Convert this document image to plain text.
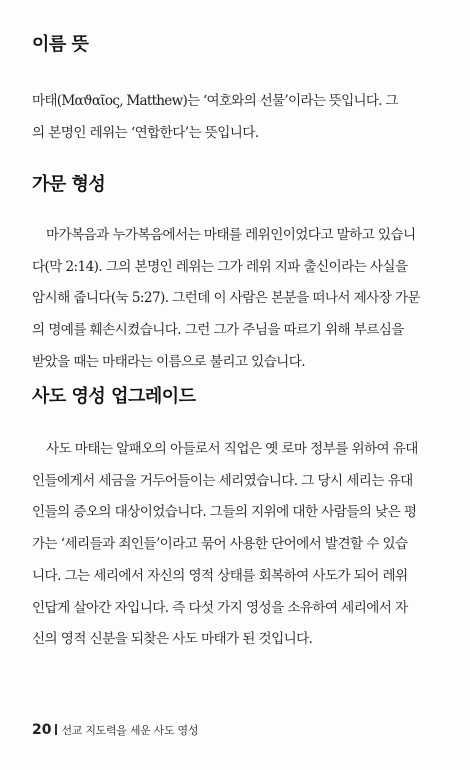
이름 뜻

마태(Μαϑαῖος, Matthew)는 ‘여호와의 선물’이라는 뜻입니다. 그
의 본명인 레위는 ‘연합한다’는 뜻입니다.

가문 형성

마가복음과 누가복음에서는 마태를 레위인이었다고 말하고 있습니
다(막 2:14). 그의 본명인 레위는 그가 레위 지파 출신이라는 사실을
암시해 줍니다(눅 5:27). 그런데 이 사람은 본분을 떠나서 제사장 가문
의 명예를 훼손시켰습니다. 그런 그가 주님을 따르기 위해 부르심을
받았을 때는 마태라는 이름으로 불리고 있습니다.

사도 영성 업그레이드

사도 마태는 알패오의 아들로서 직업은 옛 로마 정부를 위하여 유대
인들에게서 세금을 거두어들이는 세리였습니다. 그 당시 세리는 유대
인들의 증오의 대상이었습니다. 그들의 지위에 대한 사람들의 낮은 평
가는 ‘세리들과 죄인들’이라고 묶어 사용한 단어에서 발견할 수 있습
니다. 그는 세리에서 자신의 영적 상태를 회복하여 사도가 되어 레위
인답게 살아간 자입니다. 즉 다섯 가지 영성을 소유하여 세리에서 자
신의 영적 신분을 되찾은 사도 마태가 된 것입니다.

20 선교 지도력을 세운 사도 영성
